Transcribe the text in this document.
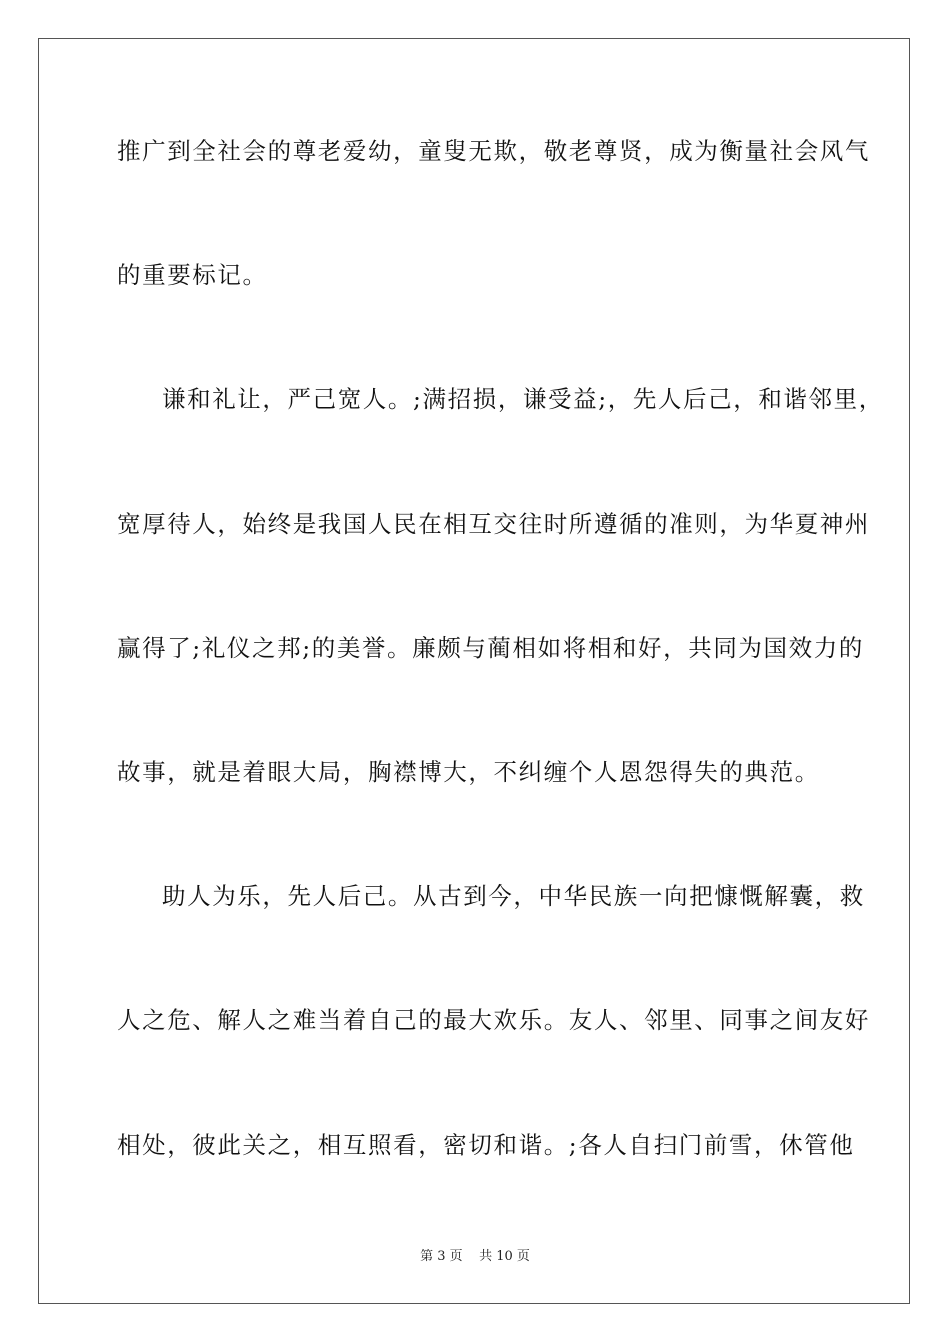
推广到全社会的尊老爱幼，童叟无欺，敬老尊贤，成为衡量社会风气
的重要标记。
谦和礼让，严己宽人。;满招损，谦受益;，先人后己，和谐邻里，
宽厚待人，始终是我国人民在相互交往时所遵循的准则，为华夏神州
赢得了;礼仪之邦;的美誉。廉颇与蔺相如将相和好，共同为国效力的
故事，就是着眼大局，胸襟博大，不纠缠个人恩怨得失的典范。
助人为乐，先人后己。从古到今，中华民族一向把慷慨解囊，救
人之危、解人之难当着自己的最大欢乐。友人、邻里、同事之间友好
相处，彼此关之，相互照看，密切和谐。;各人自扫门前雪，休管他
第 3 页    共 10 页
